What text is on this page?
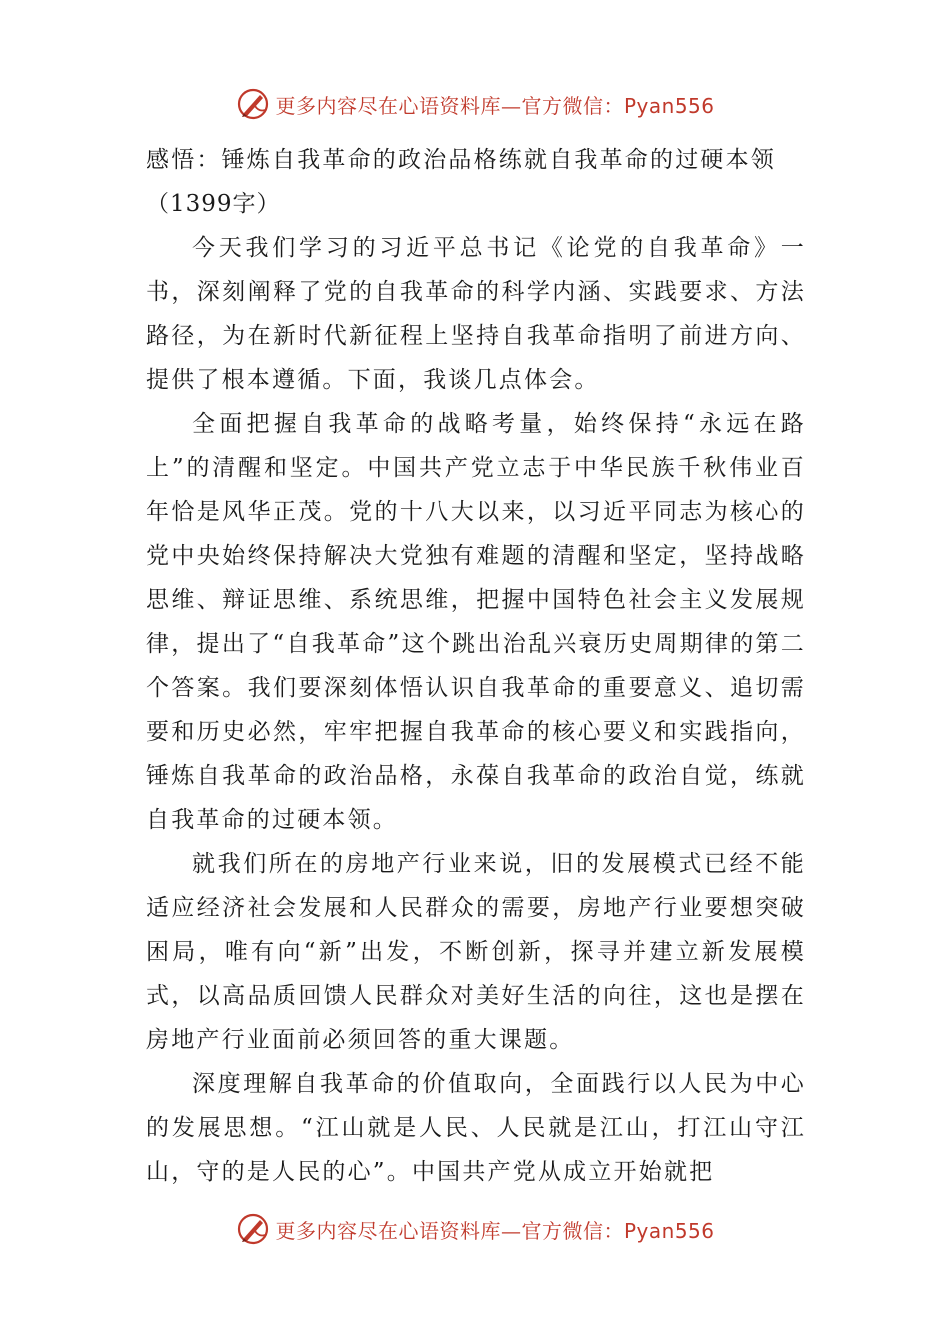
更多内容尽在心语资料库—官方微信：Pyan556

感悟：锤炼自我革命的政治品格练就自我革命的过硬本领
（1399字）

今天我们学习的习近平总书记《论党的自我革命》一书，深刻阐释了党的自我革命的科学内涵、实践要求、方法路径，为在新时代新征程上坚持自我革命指明了前进方向、提供了根本遵循。下面，我谈几点体会。

全面把握自我革命的战略考量，始终保持“永远在路上”的清醒和坚定。中国共产党立志于中华民族千秋伟业百年恰是风华正茂。党的十八大以来，以习近平同志为核心的党中央始终保持解决大党独有难题的清醒和坚定，坚持战略思维、辩证思维、系统思维，把握中国特色社会主义发展规律，提出了“自我革命”这个跳出治乱兴衰历史周期律的第二个答案。我们要深刻体悟认识自我革命的重要意义、追切需要和历史必然，牢牢把握自我革命的核心要义和实践指向，锤炼自我革命的政治品格，永葆自我革命的政治自觉，练就自我革命的过硬本领。

就我们所在的房地产行业来说，旧的发展模式已经不能适应经济社会发展和人民群众的需要，房地产行业要想突破困局，唯有向“新”出发，不断创新，探寻并建立新发展模式，以高品质回馈人民群众对美好生活的向往，这也是摆在房地产行业面前必须回答的重大课题。

深度理解自我革命的价值取向，全面践行以人民为中心的发展思想。“江山就是人民、人民就是江山，打江山守江山，守的是人民的心”。中国共产党从成立开始就把

更多内容尽在心语资料库—官方微信：Pyan556
